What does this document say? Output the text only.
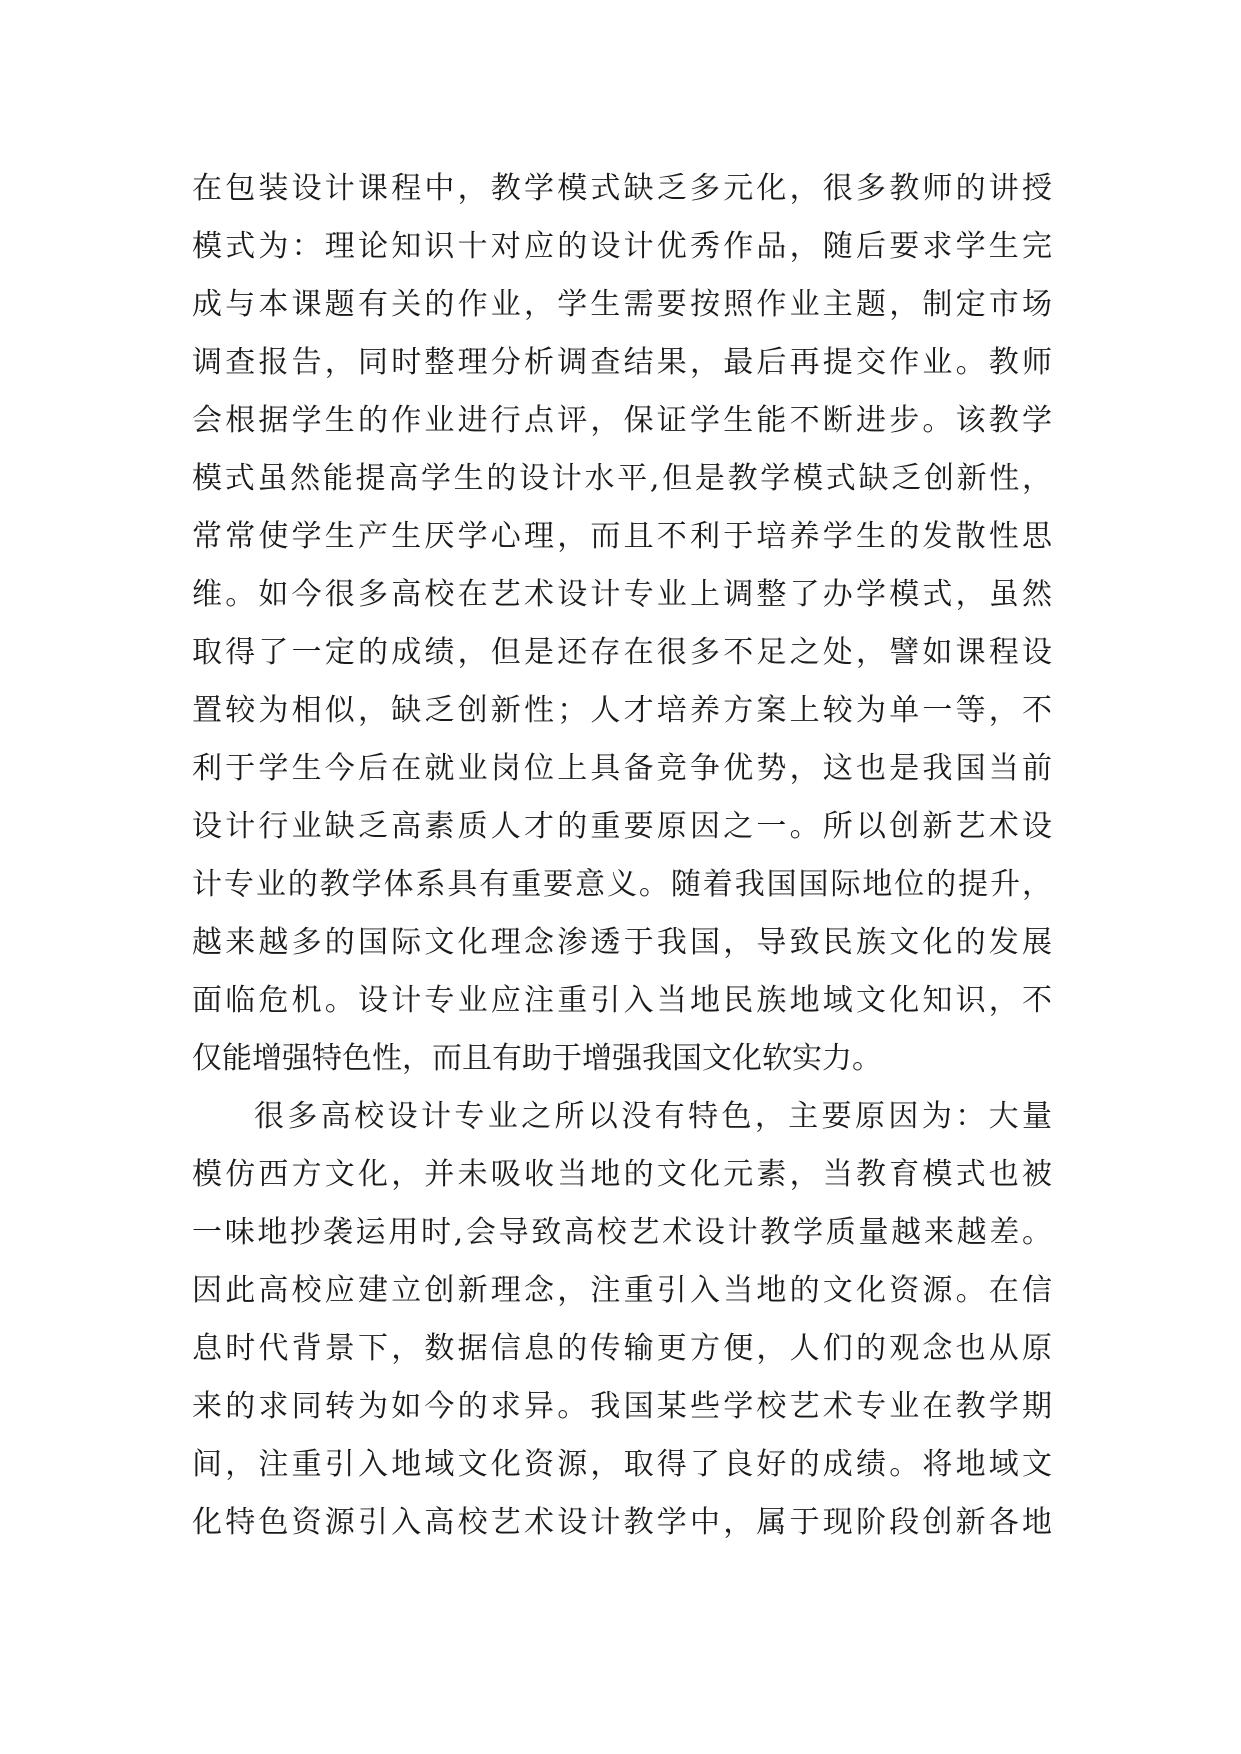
在包装设计课程中，教学模式缺乏多元化，很多教师的讲授
模式为：理论知识十对应的设计优秀作品，随后要求学生完
成与本课题有关的作业，学生需要按照作业主题，制定市场
调查报告，同时整理分析调查结果，最后再提交作业。教师
会根据学生的作业进行点评，保证学生能不断进步。该教学
模式虽然能提高学生的设计水平,但是教学模式缺乏创新性，
常常使学生产生厌学心理，而且不利于培养学生的发散性思
维。如今很多高校在艺术设计专业上调整了办学模式，虽然
取得了一定的成绩，但是还存在很多不足之处，譬如课程设
置较为相似，缺乏创新性；人才培养方案上较为单一等，不
利于学生今后在就业岗位上具备竞争优势，这也是我国当前
设计行业缺乏高素质人才的重要原因之一。所以创新艺术设
计专业的教学体系具有重要意义。随着我国国际地位的提升，
越来越多的国际文化理念渗透于我国，导致民族文化的发展
面临危机。设计专业应注重引入当地民族地域文化知识，不
仅能增强特色性，而且有助于增强我国文化软实力。
很多高校设计专业之所以没有特色，主要原因为：大量
模仿西方文化，并未吸收当地的文化元素，当教育模式也被
一味地抄袭运用时,会导致高校艺术设计教学质量越来越差。
因此高校应建立创新理念，注重引入当地的文化资源。在信
息时代背景下，数据信息的传输更方便，人们的观念也从原
来的求同转为如今的求异。我国某些学校艺术专业在教学期
间，注重引入地域文化资源，取得了良好的成绩。将地域文
化特色资源引入高校艺术设计教学中，属于现阶段创新各地
